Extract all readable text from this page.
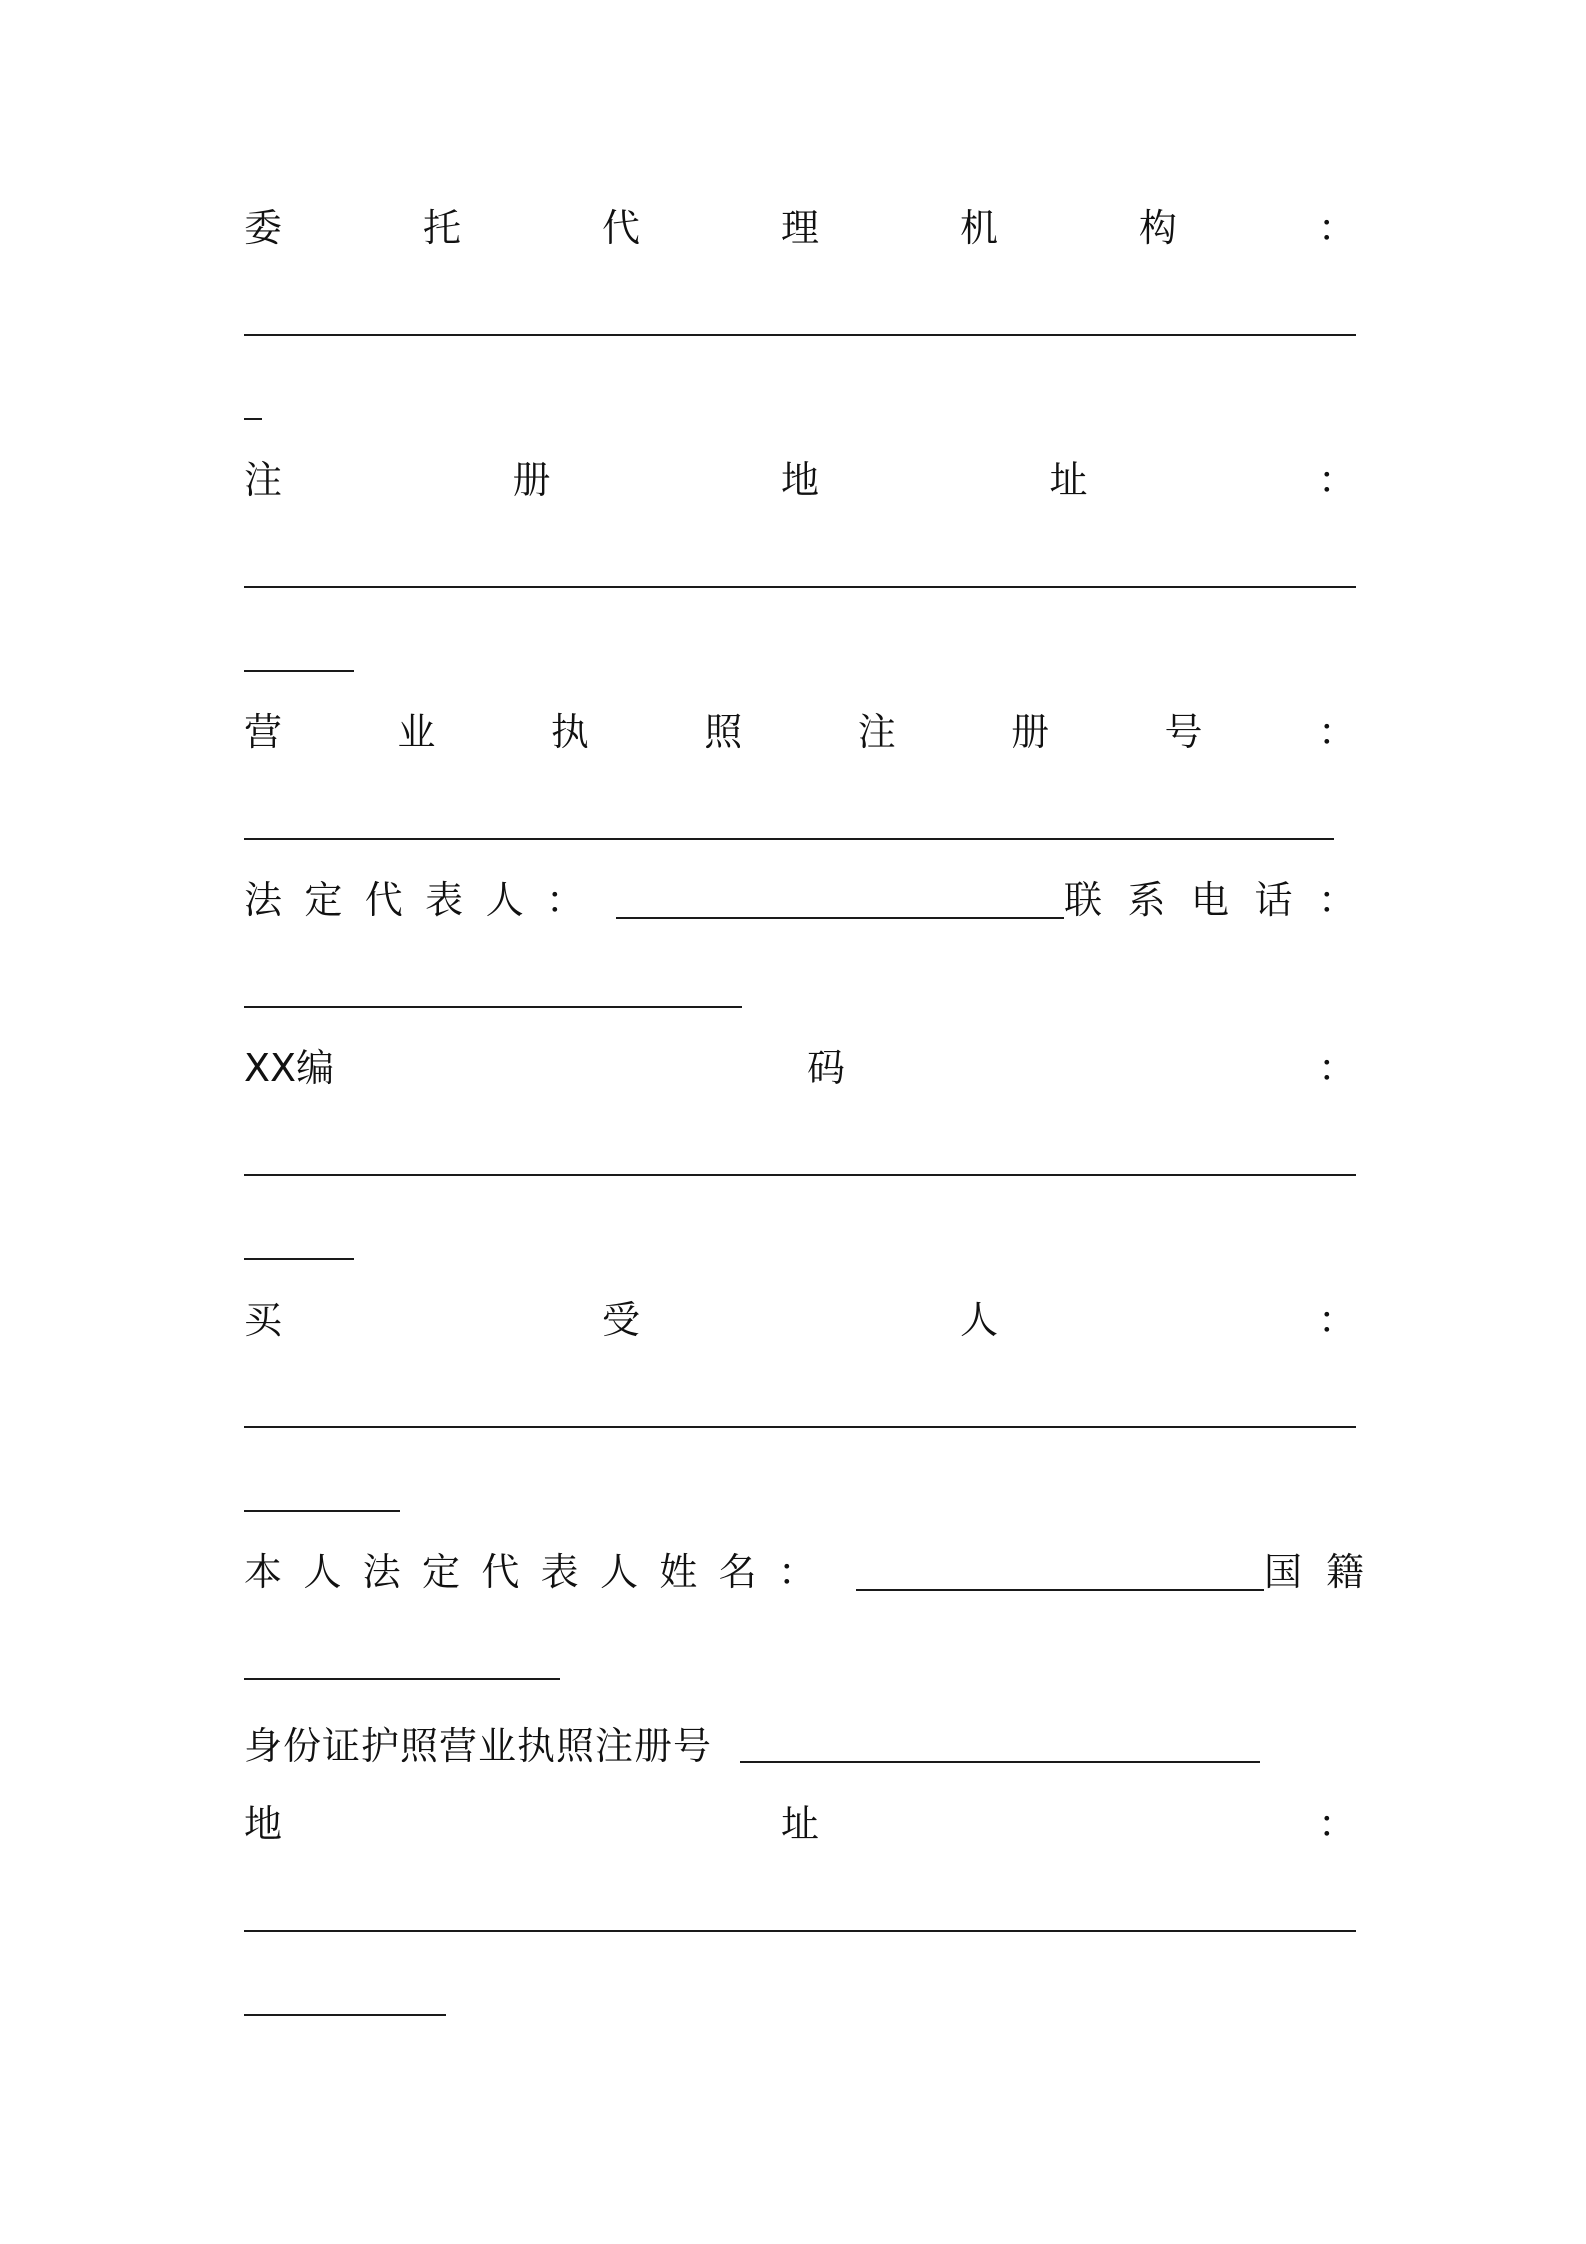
委	托	代	理	机	构	：
注	册	地	址	：
营	业	执	照	注	册	号	：
法 定 代 表 人 ：	联 系 电 话 ：
XX编	码	：
买	受	人	：
本 人 法 定 代 表 人 姓 名 ：	国 籍
身份证护照营业执照注册号
地	址	：
